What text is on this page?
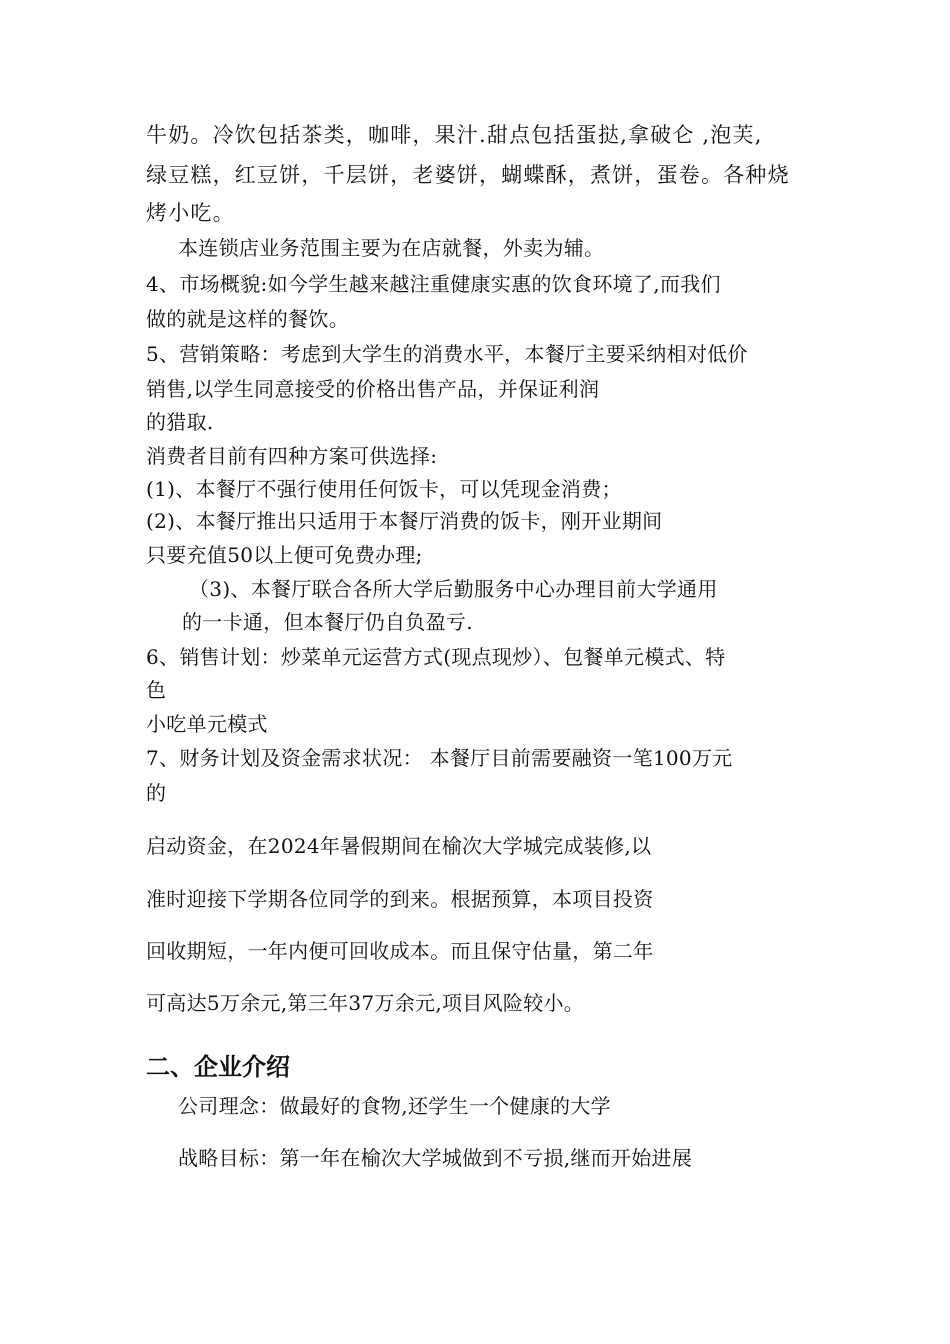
牛奶。冷饮包括茶类，咖啡，果汁.甜点包括蛋挞,拿破仑 ,泡芙,
绿豆糕，红豆饼，千层饼，老婆饼，蝴蝶酥，煮饼，蛋卷。各种烧
烤小吃。
本连锁店业务范围主要为在店就餐，外卖为辅。
4、市场概貌:如今学生越来越注重健康实惠的饮食环境了,而我们
做的就是这样的餐饮。
5、营销策略：考虑到大学生的消费水平，本餐厅主要采纳相对低价
销售,以学生同意接受的价格出售产品，并保证利润
的猎取.
消费者目前有四种方案可供选择:
(1)、本餐厅不强行使用任何饭卡，可以凭现金消费；
(2)、本餐厅推出只适用于本餐厅消费的饭卡，刚开业期间
只要充值50以上便可免费办理;
（3)、本餐厅联合各所大学后勤服务中心办理目前大学通用
的一卡通，但本餐厅仍自负盈亏.
6、销售计划：炒菜单元运营方式(现点现炒）、包餐单元模式、特
色
小吃单元模式
7、财务计划及资金需求状况： 本餐厅目前需要融资一笔100万元
的
启动资金，在2024年暑假期间在榆次大学城完成装修,以
准时迎接下学期各位同学的到来。根据预算，本项目投资
回收期短，一年内便可回收成本。而且保守估量，第二年
可高达5万余元,第三年37万余元,项目风险较小。
二、企业介绍
公司理念：做最好的食物,还学生一个健康的大学
战略目标：第一年在榆次大学城做到不亏损,继而开始进展
